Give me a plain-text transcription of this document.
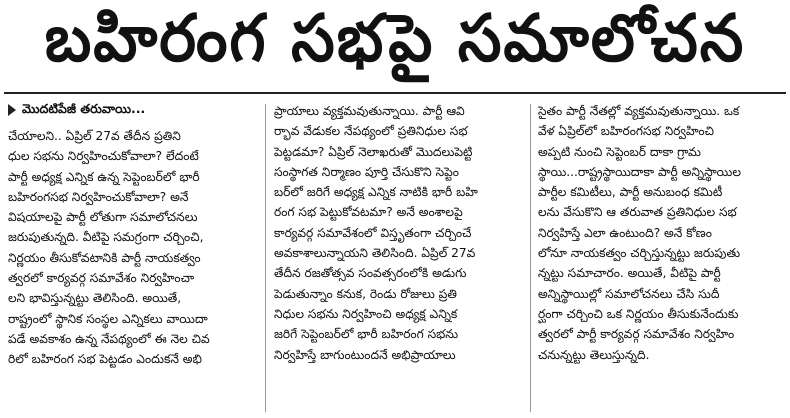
బహిరంగ సభపై సమాలోచన
మొదటిపేజీ తరువాయి...
చేయాలని.. ఏప్రిల్‌ 27వ తేదీన ప్రతిని
ధుల సభను నిర్వహించుకోవాలా? లేదంటే
పార్టీ అధ్యక్ష ఎన్నిక ఉన్న సెప్టెంబర్‌లో భారీ
బహిరంగసభ నిర్వహించుకోవాలా? అనే
విషయాలపై పార్టీ లోతుగా సమాలోచనలు
జరుపుతున్నది. వీటిపై సమగ్రంగా చర్చించి,
నిర్ణయం తీసుకోవటానికి పార్టీ నాయకత్వం
త్వరలో కార్యవర్గ సమావేశం నిర్వహించా
లని భావిస్తున్నట్టు తెలిసింది. అయితే,
రాష్ట్రంలో స్థానిక సంస్థల ఎన్నికలు వాయిదా
పడే అవకాశం ఉన్న నేపథ్యంలో ఈ నెల చివ
రిలో బహిరంగ సభ పెట్టడం ఎందుకనే అభి
ప్రాయాలు వ్యక్తమవుతున్నాయి. పార్టీ ఆవి
ర్భావ వేడుకల నేపథ్యంలో ప్రతినిధుల సభ
పెట్టడమా? ఏప్రిల్‌ నెలాఖరుతో మొదలుపెట్టి
సంస్థాగత నిర్మాణం పూర్తి చేసుకొని సెప్టెం
బర్‌లో జరిగే అధ్యక్ష ఎన్నిక నాటికి భారీ బహి
రంగ సభ పెట్టుకోవటమా? అనే అంశాలపై
కార్యవర్గ సమావేశంలో విస్తృతంగా చర్చించే
అవకాశాలున్నాయని తెలిసింది. ఏప్రిల్‌ 27వ
తేదీన రజతోత్సవ సంవత్సరంలోకి అడుగు
పెడుతున్నాం కనుక, రెండు రోజులు ప్రతి
నిధుల సభను నిర్వహించి అధ్యక్ష ఎన్నిక
జరిగే సెప్టెంబర్‌లో భారీ బహిరంగ సభను
నిర్వహిస్తే బాగుంటుందనే అభిప్రాయాలు
సైతం పార్టీ నేతల్లో వ్యక్తమవుతున్నాయి. ఒక
వేళ ఏప్రిల్‌లో బహిరంగసభ నిర్వహించి
అప్పటి నుంచి సెప్టెంబర్‌ దాకా గ్రామ
స్థాయి...రాష్ట్రస్థాయిదాకా పార్టీ అన్నిస్థాయిల
పార్టీల కమిటీలు, పార్టీ అనుబంధ కమిటీ
లను వేసుకొని ఆ తరువాత ప్రతినిధుల సభ
నిర్వహిస్తే ఎలా ఉంటుంది? అనే కోణం
లోనూ నాయకత్వం చర్చిస్తున్నట్టు జరుపుతు
న్నట్టు సమాచారం. అయితే, వీటిపై పార్టీ
అన్నిస్థాయిల్లో సమాలోచనలు చేసి సుదీ
ర్ఘంగా చర్చించి ఒక నిర్ణయం తీసుకునేందుకు
త్వరలో పార్టీ కార్యవర్గ సమావేశం నిర్వహిం
చనున్నట్టు తెలుస్తున్నది.
